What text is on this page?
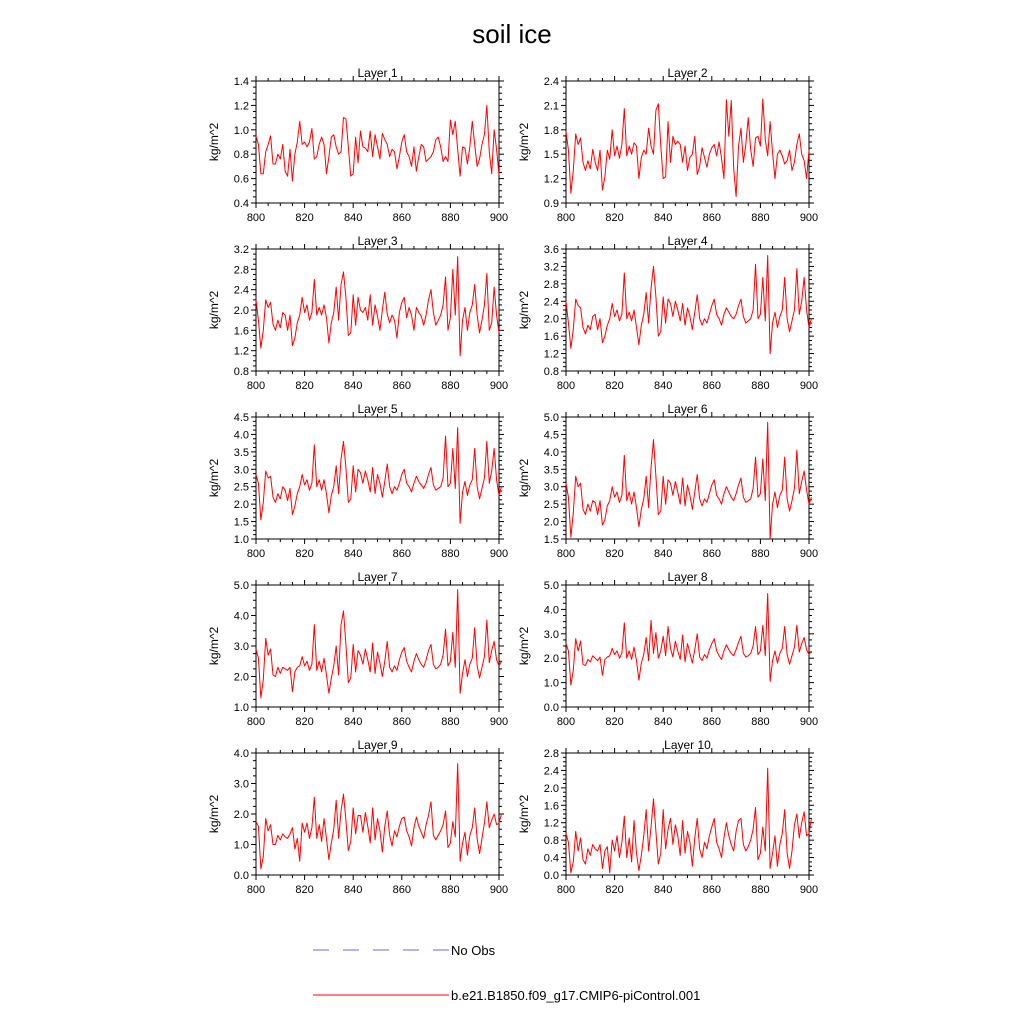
soil ice
Layer 1
kg/m^2
800	820	840	860	880	900
0.4
0.6
0.8
1.0
1.2
1.4
Layer 2
kg/m^2
800	820	840	860	880	900
0.9
1.2
1.5
1.8
2.1
2.4
Layer 3
kg/m^2
800	820	840	860	880	900
0.8
1.2
1.6
2.0
2.4
2.8
3.2
Layer 4
kg/m^2
800	820	840	860	880	900
0.8
1.2
1.6
2.0
2.4
2.8
3.2
3.6
Layer 5
kg/m^2
800	820	840	860	880	900
1.0
1.5
2.0
2.5
3.0
3.5
4.0
4.5
Layer 6
kg/m^2
800	820	840	860	880	900
1.5
2.0
2.5
3.0
3.5
4.0
4.5
5.0
Layer 7
kg/m^2
800	820	840	860	880	900
1.0
2.0
3.0
4.0
5.0
Layer 8
kg/m^2
800	820	840	860	880	900
0.0
1.0
2.0
3.0
4.0
5.0
Layer 9
kg/m^2
800	820	840	860	880	900
0.0
1.0
2.0
3.0
4.0
Layer 10
kg/m^2
800	820	840	860	880	900
0.0
0.4
0.8
1.2
1.6
2.0
2.4
2.8
No Obs
b.e21.B1850.f09_g17.CMIP6-piControl.001
